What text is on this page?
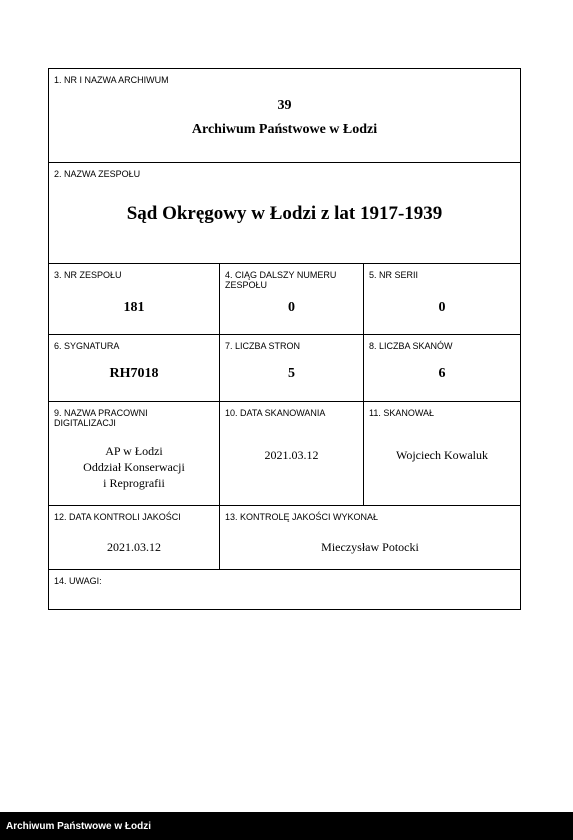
1. NR I NAZWA ARCHIWUM
39
Archiwum Państwowe w Łodzi
2. NAZWA ZESPOŁU
Sąd Okręgowy w Łodzi z lat 1917-1939
3. NR ZESPOŁU
181
4. CIĄG DALSZY NUMERU
ZESPOŁU
0
5. NR SERII
0
6. SYGNATURA
RH7018
7. LICZBA STRON
5
8. LICZBA SKANÓW
6
9. NAZWA PRACOWNI
DIGITALIZACJI
AP w Łodzi
Oddział Konserwacji
i Reprografii
10. DATA SKANOWANIA
2021.03.12
11. SKANOWAŁ
Wojciech Kowaluk
12. DATA KONTROLI JAKOŚCI
2021.03.12
13. KONTROLĘ JAKOŚCI WYKONAŁ
Mieczysław Potocki
14. UWAGI:
Archiwum Państwowe w Łodzi
